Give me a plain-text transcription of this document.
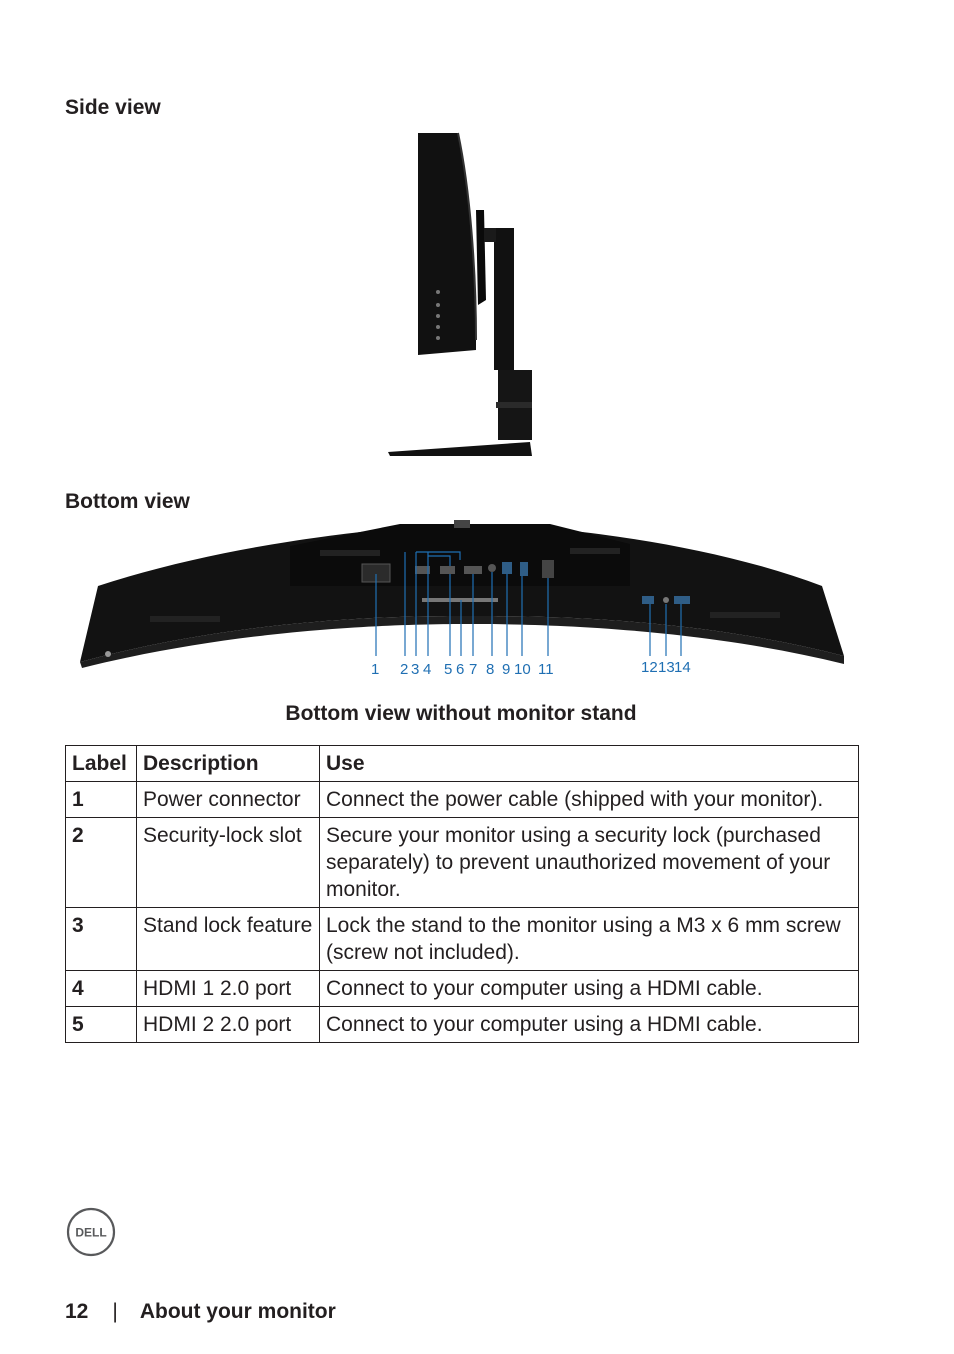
Side view
Bottom view
1 2 3 4 5 6 7 8 9 10 11	12 13 14

Bottom view without monitor stand

Label	Description	Use
1	Power connector	Connect the power cable (shipped with your monitor).
2	Security-lock slot	Secure your monitor using a security lock (purchased separately) to prevent unauthorized movement of your monitor.
3	Stand lock feature	Lock the stand to the monitor using a M3 x 6 mm screw (screw not included).
4	HDMI 1 2.0 port	Connect to your computer using a HDMI cable.
5	HDMI 2 2.0 port	Connect to your computer using a HDMI cable.
DELL
12 | About your monitor
